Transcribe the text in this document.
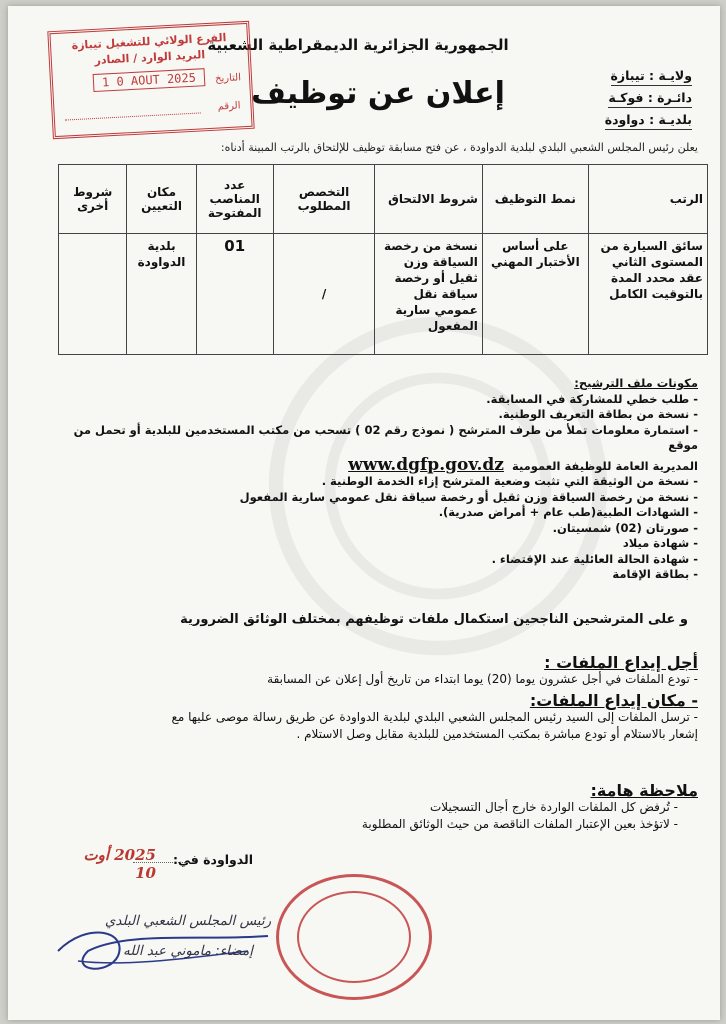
الجمهورية الجزائرية الديمقراطية الشعبية
ولايـة : تيبازة
دائـرة : فوكـة
بلديـة : دواودة
إعلان عن توظيف
الفرع الولائي للتشغيل تيبازة
البريد الوارد / الصادر
التاريخ
1 0 AOUT 2025
الرقم
يعلن رئيس المجلس الشعبي البلدي لبلدية الدواودة ، عن فتح مسابقة توظيف للإلتحاق بالرتب المبينة أدناه:
الرتب	نمط التوظيف	شروط الالتحاق	التخصص المطلوب	عدد المناصب المفتوحة	مكان التعيين	شروط أخرى
سائق السيارة من المستوى الثاني عقد محدد المدة بالتوقيت الكامل	على أساس الأختبار المهني	نسخة من رخصة السياقة وزن ثقيل أو رخصة سياقة نقل عمومي سارية المفعول	/	01	بلدية الدواودة	

مكونات ملف الترشيح:

- طلب خطي للمشاركة في المسابقة.

- نسخة من بطاقة التعريف الوطنية.

- استمارة معلومات تملأ من طرف المترشح ( نموذج رقم 02 ) تسحب من مكتب المستخدمين للبلدية أو تحمل من موقع

المديرية العامة للوظيفة العمومية  www.dgfp.gov.dz

- نسخة من الوثيقة التي تثبت وضعية المترشح إزاء الخدمة الوطنية .

- نسخة من رخصة السياقة وزن ثقيل أو رخصة سياقة نقل عمومي سارية المفعول

- الشهادات الطبية(طب عام + أمراض صدرية).

- صورتان (02) شمسيتان.

- شهادة ميلاد

- شهادة الحالة العائلية عند الإقتضاء .

- بطاقة الإقامة

و على المترشحين الناجحين استكمال ملفات توظيفهم بمختلف الوثائق الضرورية

أجل إيداع الملفات :

- تودع الملفات في أجل عشرون يوما (20) يوما ابتداء من تاريخ أول إعلان عن المسابقة

- مكان إيداع الملفات:

- ترسل الملفات إلى السيد رئيس المجلس الشعبي البلدي لبلدية الدواودة عن طريق رسالة موصى عليها مع

إشعار بالاستلام أو تودع مباشرة بمكتب المستخدمين للبلدية مقابل وصل الاستلام .

ملاحظة هامة:

- تُرفض كل الملفات الواردة خارج أجال التسجيلات

- لاتؤخذ بعين الإعتبار الملفات الناقصة من حيث الوثائق المطلوبة

الدواودة في:
2025 أوت 10
رئيس المجلس الشعبي البلدي
إمضاء: ماموني عبد الله
